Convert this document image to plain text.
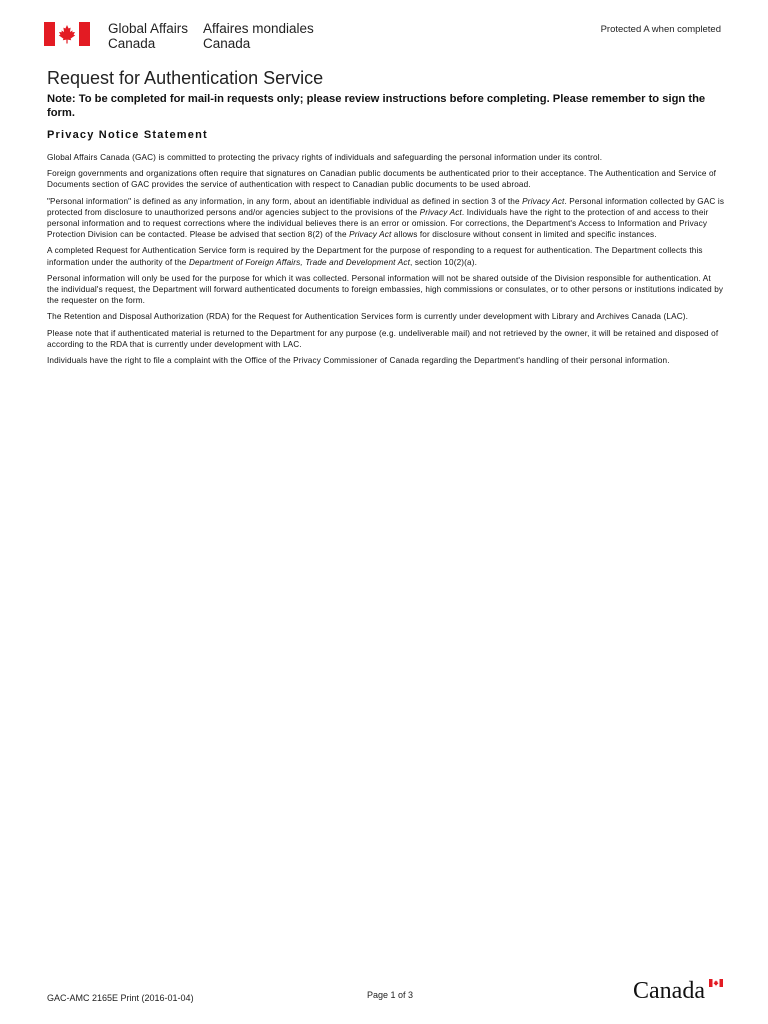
Global Affairs
Canada
Affaires mondiales
Canada
Protected A when completed
Request for Authentication Service
Note: To be completed for mail-in requests only; please review instructions before completing. Please remember to sign the form.
Privacy Notice Statement

Global Affairs Canada (GAC) is committed to protecting the privacy rights of individuals and safeguarding the personal information under its control.

Foreign governments and organizations often require that signatures on Canadian public documents be authenticated prior to their acceptance. The Authentication and Service of Documents section of GAC provides the service of authentication with respect to Canadian public documents to be used abroad.

"Personal information" is defined as any information, in any form, about an identifiable individual as defined in section 3 of the Privacy Act. Personal information collected by GAC is protected from disclosure to unauthorized persons and/or agencies subject to the provisions of the Privacy Act. Individuals have the right to the protection of and access to their personal information and to request corrections where the individual believes there is an error or omission. For corrections, the Department's Access to Information and Privacy Protection Division can be contacted. Please be advised that section 8(2) of the Privacy Act allows for disclosure without consent in limited and specific instances.

A completed Request for Authentication Service form is required by the Department for the purpose of responding to a request for authentication. The Department collects this information under the authority of the Department of Foreign Affairs, Trade and Development Act, section 10(2)(a).

Personal information will only be used for the purpose for which it was collected. Personal information will not be shared outside of the Division responsible for authentication. At the individual's request, the Department will forward authenticated documents to foreign embassies, high commissions or consulates, or to other persons or institutions indicated by the requester on the form.

The Retention and Disposal Authorization (RDA) for the Request for Authentication Services form is currently under development with Library and Archives Canada (LAC).

Please note that if authenticated material is returned to the Department for any purpose (e.g. undeliverable mail) and not retrieved by the owner, it will be retained and disposed of according to the RDA that is currently under development with LAC.

Individuals have the right to file a complaint with the Office of the Privacy Commissioner of Canada regarding the Department's handling of their personal information.

GAC-AMC 2165E Print (2016-01-04)	Page 1 of 3	Canada
